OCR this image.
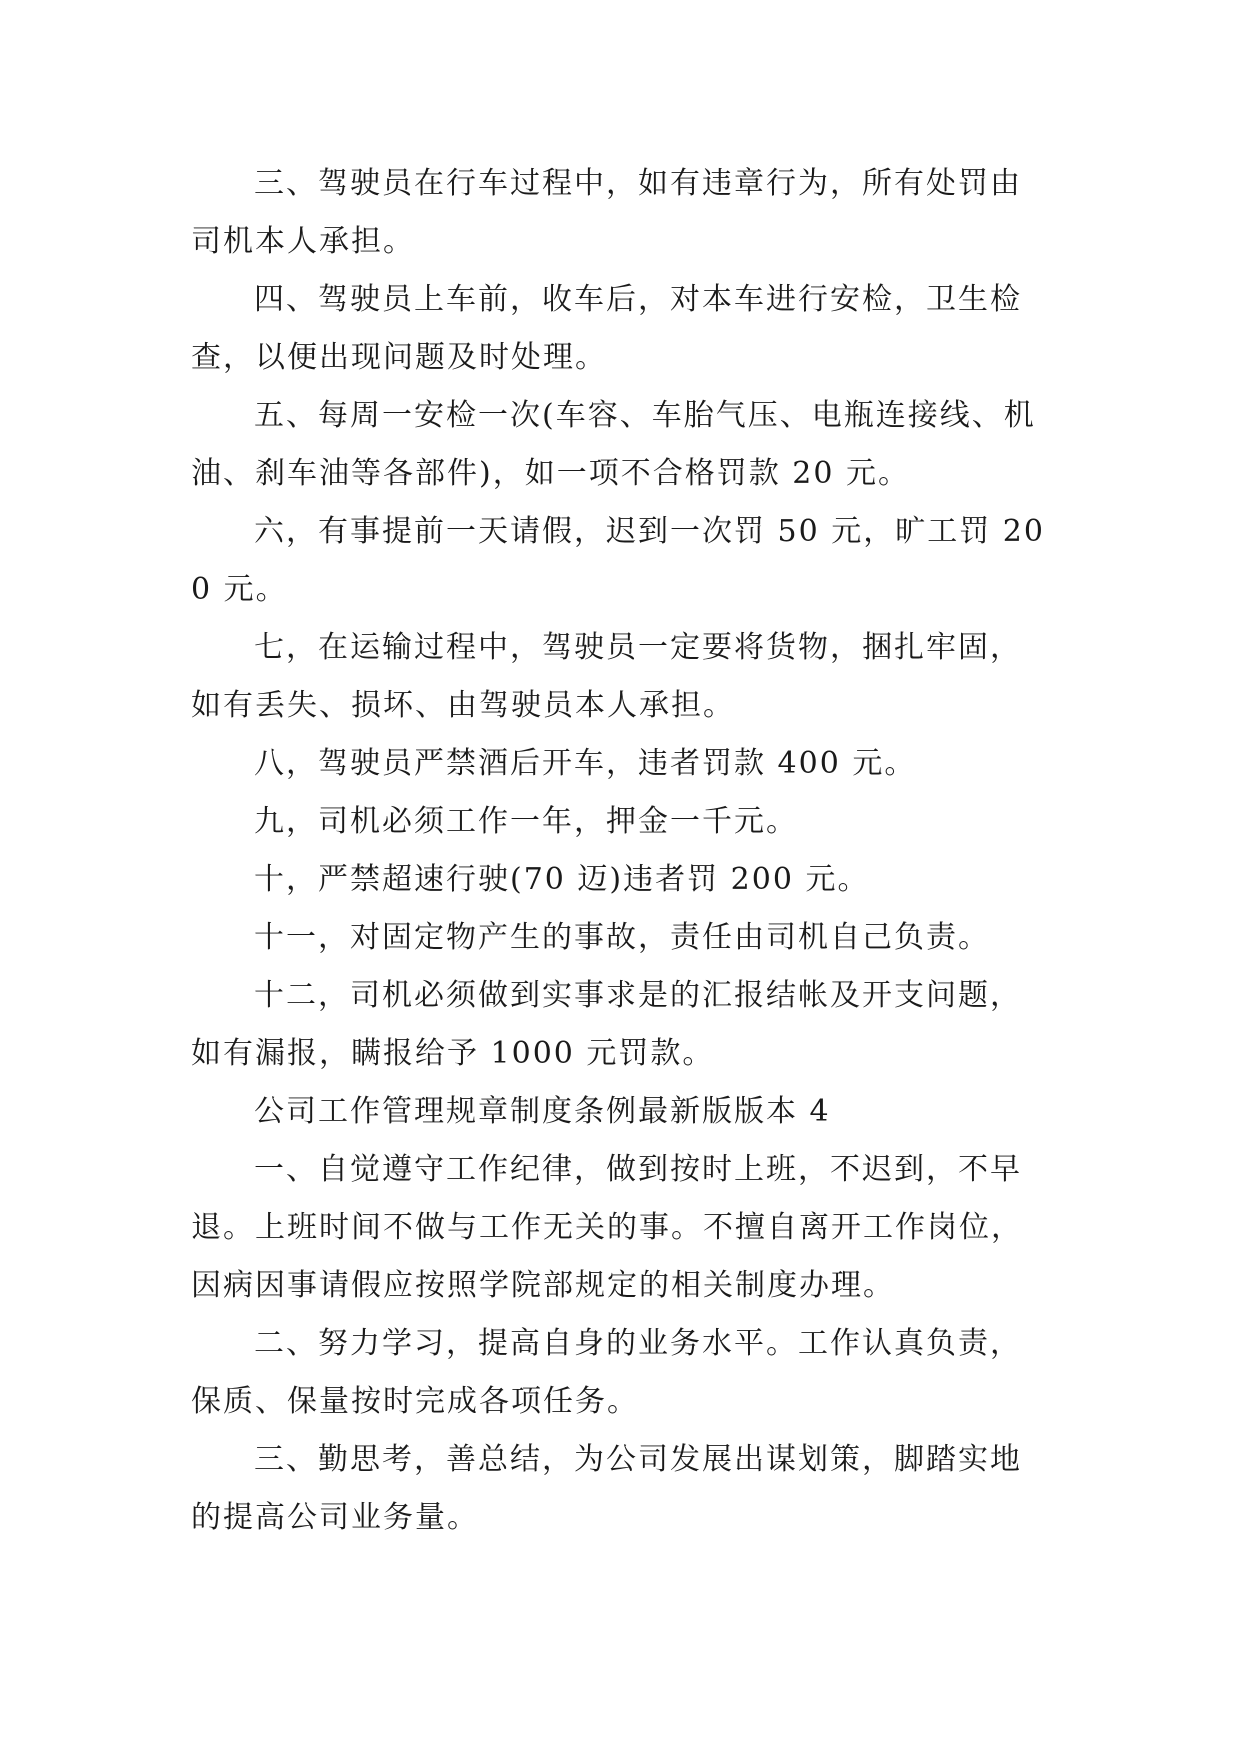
三、驾驶员在行车过程中，如有违章行为，所有处罚由司机本人承担。

四、驾驶员上车前，收车后，对本车进行安检，卫生检查，以便出现问题及时处理。

五、每周一安检一次(车容、车胎气压、电瓶连接线、机油、刹车油等各部件)，如一项不合格罚款 20 元。

六，有事提前一天请假，迟到一次罚 50 元，旷工罚 200 元。

七，在运输过程中，驾驶员一定要将货物，捆扎牢固，如有丢失、损坏、由驾驶员本人承担。

八，驾驶员严禁酒后开车，违者罚款 400 元。

九，司机必须工作一年，押金一千元。

十，严禁超速行驶(70 迈)违者罚 200 元。

十一，对固定物产生的事故，责任由司机自己负责。

十二，司机必须做到实事求是的汇报结帐及开支问题，如有漏报，瞒报给予 1000 元罚款。

公司工作管理规章制度条例最新版版本 4

一、自觉遵守工作纪律，做到按时上班，不迟到，不早退。上班时间不做与工作无关的事。不擅自离开工作岗位，因病因事请假应按照学院部规定的相关制度办理。

二、努力学习，提高自身的业务水平。工作认真负责，保质、保量按时完成各项任务。

三、勤思考，善总结，为公司发展出谋划策，脚踏实地的提高公司业务量。
